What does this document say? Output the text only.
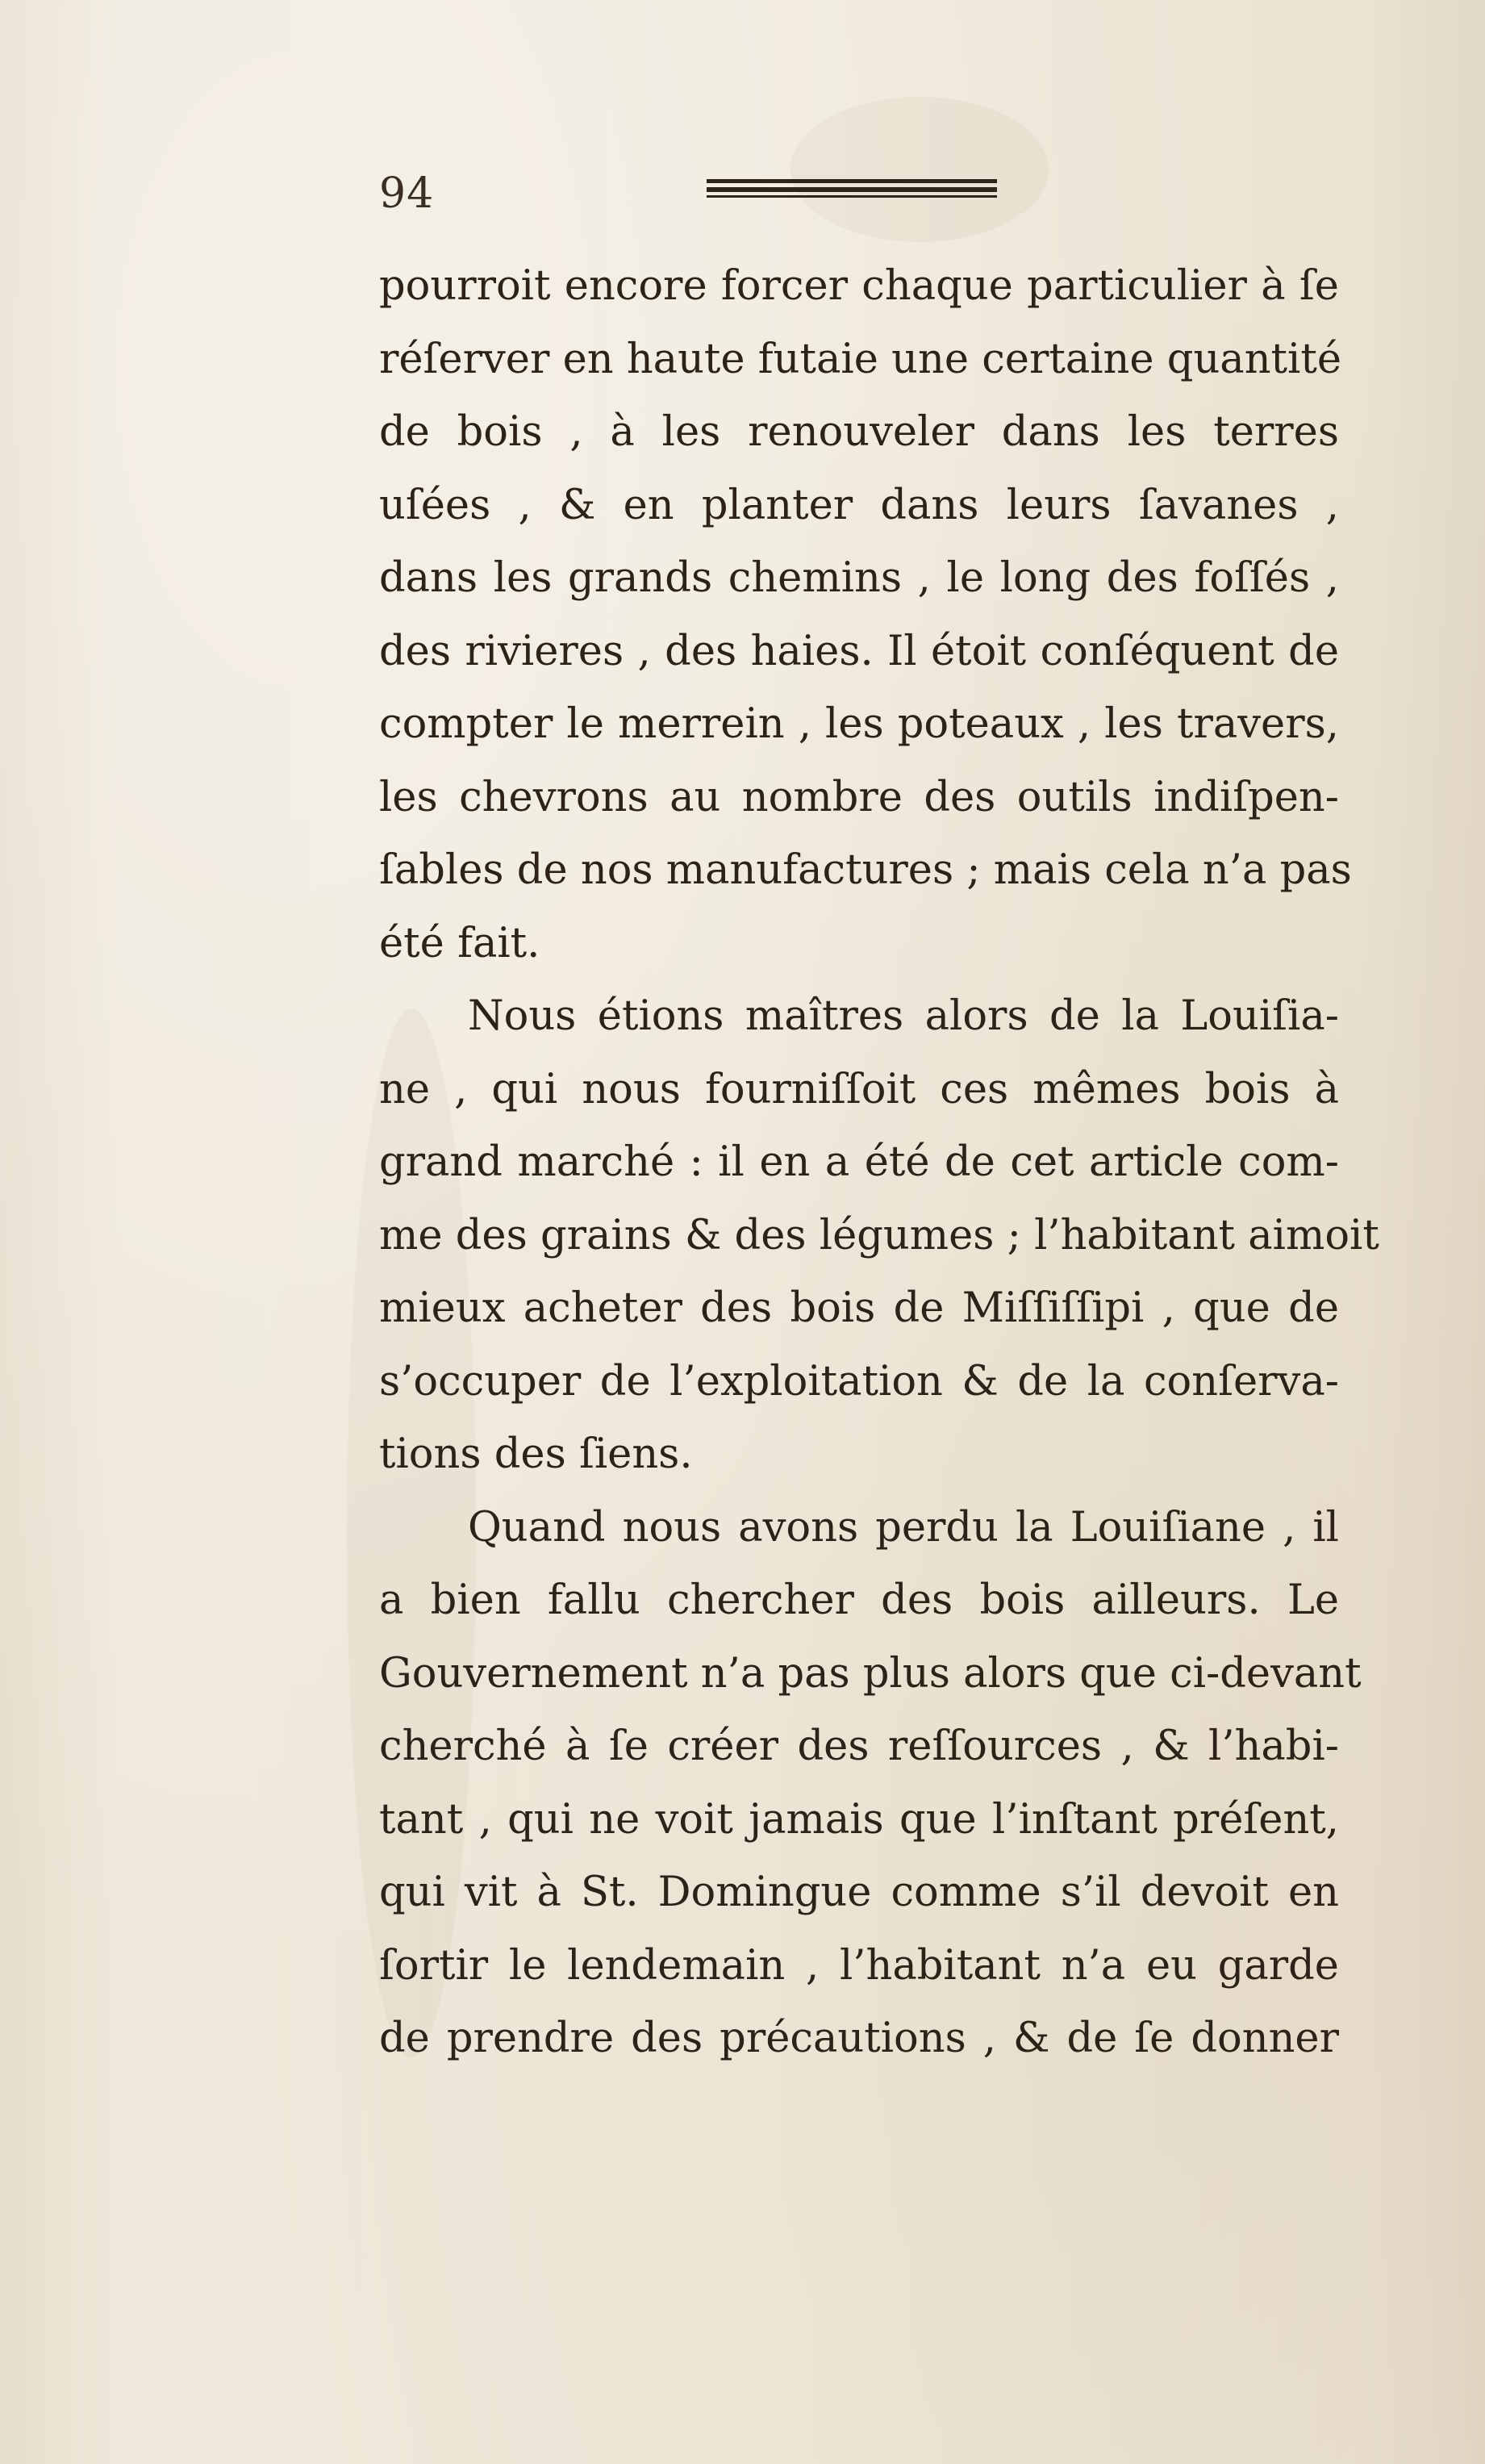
94
pourroit encore forcer chaque particulier à ſe
réſerver en haute futaie une certaine quantité
de bois , à les renouveler dans les terres
uſées , & en planter dans leurs ſavanes ,
dans les grands chemins , le long des foſſés ,
des rivieres , des haies. Il étoit conſéquent de
compter le merrein , les poteaux , les travers,
les chevrons au nombre des outils indiſpen-
ſables de nos manufactures ; mais cela n’a pas
été fait.
Nous étions maîtres alors de la Louiſia-
ne , qui nous fourniſſoit ces mêmes bois à
grand marché : il en a été de cet article com-
me des grains & des légumes ; l’habitant aimoit
mieux acheter des bois de Miſſiſſipi , que de
s’occuper de l’exploitation & de la conſerva-
tions des ſiens.
Quand nous avons perdu la Louiſiane , il
a bien fallu chercher des bois ailleurs. Le
Gouvernement n’a pas plus alors que ci-devant
cherché à ſe créer des reſſources , & l’habi-
tant , qui ne voit jamais que l’inſtant préſent,
qui vit à St. Domingue comme s’il devoit en
ſortir le lendemain , l’habitant n’a eu garde
de prendre des précautions , & de ſe donner
